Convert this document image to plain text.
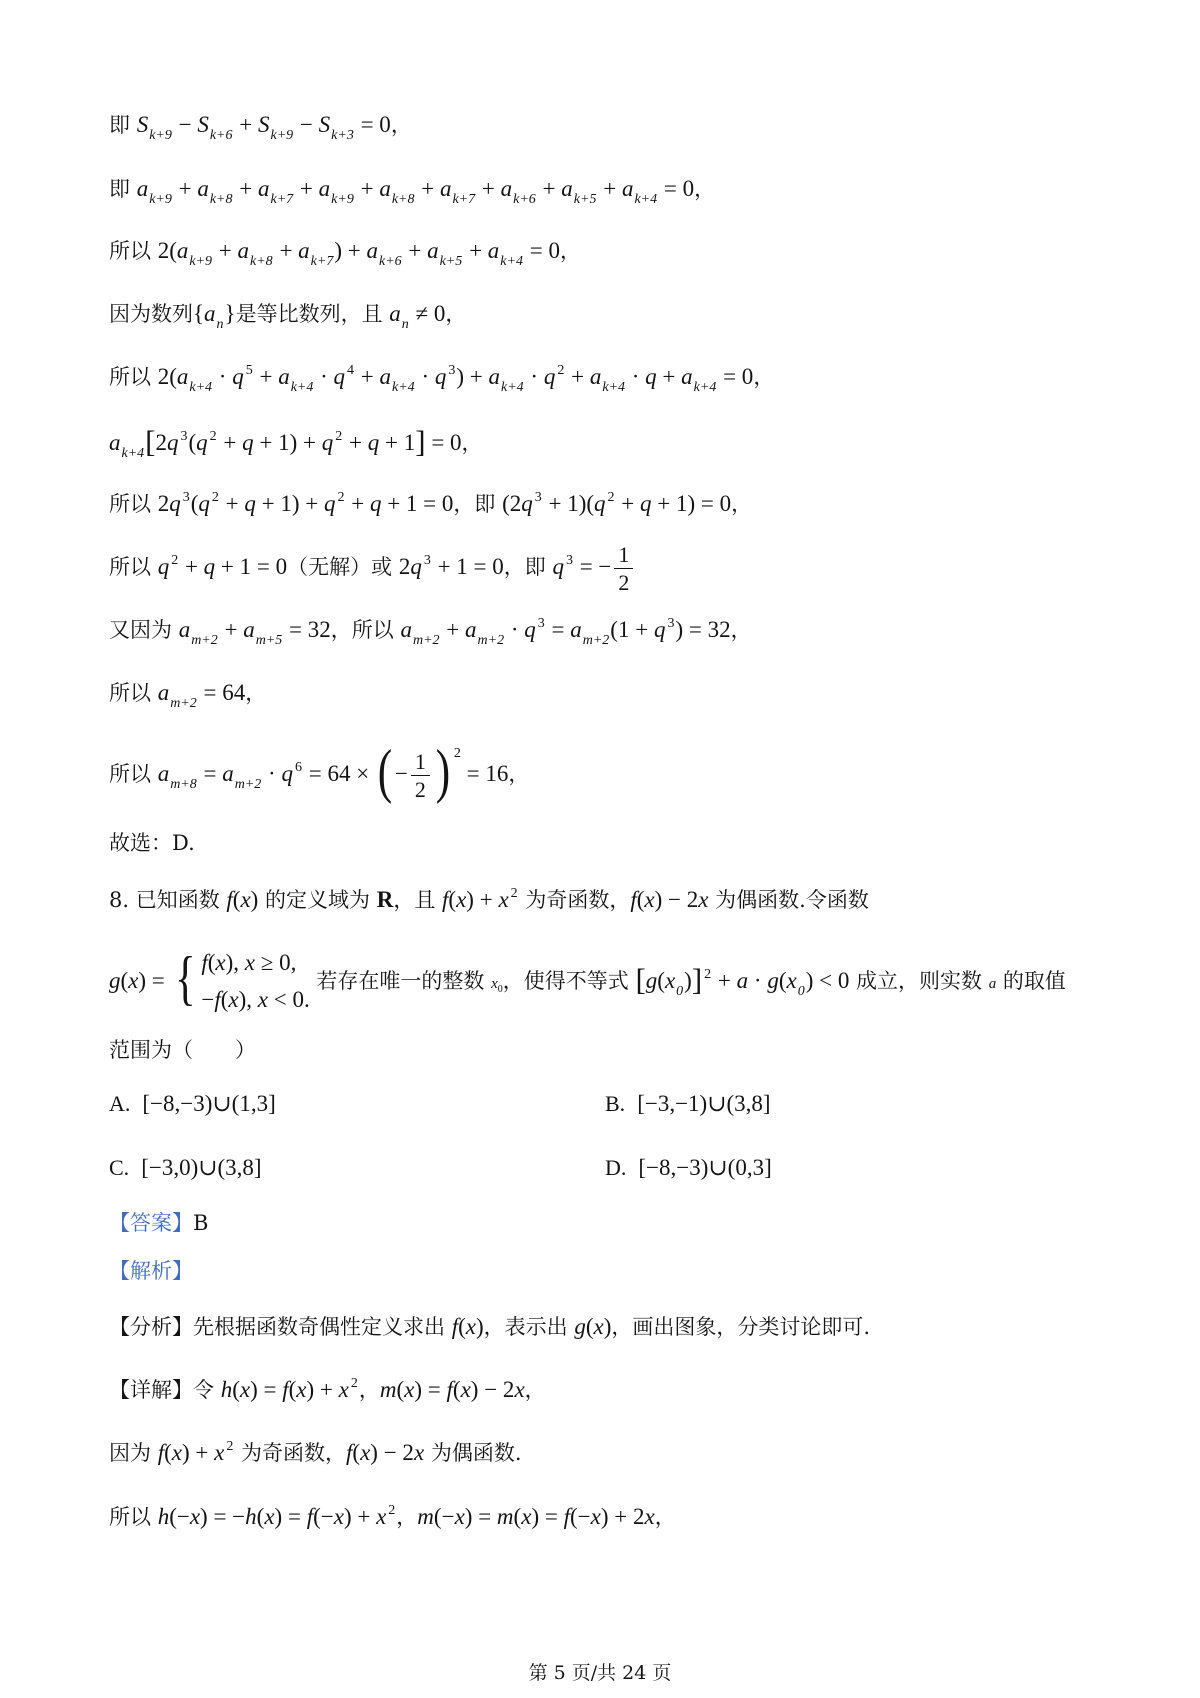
即 $S_{k+9} - S_{k+6} + S_{k+9} - S_{k+3} = 0$，
即 $a_{k+9} + a_{k+8} + a_{k+7} + a_{k+9} + a_{k+8} + a_{k+7} + a_{k+6} + a_{k+5} + a_{k+4} = 0$，
所以 $2(a_{k+9} + a_{k+8} + a_{k+7}) + a_{k+6} + a_{k+5} + a_{k+4} = 0$，
因为数列$\{a_n\}$是等比数列，且 $a_n \ne 0$，
所以 $2(a_{k+4} \cdot q$ $^5 + a_{k+4} \cdot q$ $^4 + a_{k+4} \cdot q$ $^3) + a_{k+4} \cdot q$ $^2 + a_{k+4} \cdot q + a_{k+4} = 0$，
$a_{k+4}[2q$ $^3$(q $^2$ + q + 1) + q $^2$ + q + 1] = 0，
所以 2q $^3$(q $^2$ + q + 1) + q $^2$ + q + 1 = 0，即 (2q $^3$ + 1)(q $^2$ + q + 1) = 0，
所以 q $^2$ + q + 1 = 0（无解）或 2q $^3$ + 1 = 0，即 q $^3$ = − $\frac{1}{2}$
又因为 $a_{m+2} + a_{m+5} = 32$，所以 $a_{m+2} + a_{m+2} \cdot q$ $^3 = a_{m+2}(1 + q$ $^3$) = 32，
所以 $a_{m+2} = 64$，
所以 $a_{m+8} = a_{m+2} \cdot q$ $^6$ = 64 × ( − $\frac{1}{2}$ ) $^2$ = 16，
故选：D.
8. 已知函数 f(x) 的定义域为 R，且 f(x) + x $^2$ 为奇函数，f(x) − 2x 为偶函数.令函数
g(x) = { f(x), x ≥ 0,
−f(x), x < 0.
若存在唯一的整数 x0，使得不等式 $[g(x_0)] ^2 + a \cdot g(x_0) < 0$ 成立，则实数 a 的取值
范围为（　　）
A. [−8,−3)∪(1,3]	B. [−3,−1)∪(3,8]
C. [−3,0)∪(3,8]	D. [−8,−3)∪(0,3]
【答案】B
【解析】
【分析】先根据函数奇偶性定义求出 f(x)，表示出 g(x)，画出图象，分类讨论即可.
【详解】令 h(x) = f(x) + x $^2$，m(x) = f(x) − 2x，
因为 f(x) + x $^2$ 为奇函数，f(x) − 2x 为偶函数.
所以 h(−x) = −h(x) = f(−x) + x $^2$，m(−x) = m(x) = f(−x) + 2x，
第 5 页/共 24 页
